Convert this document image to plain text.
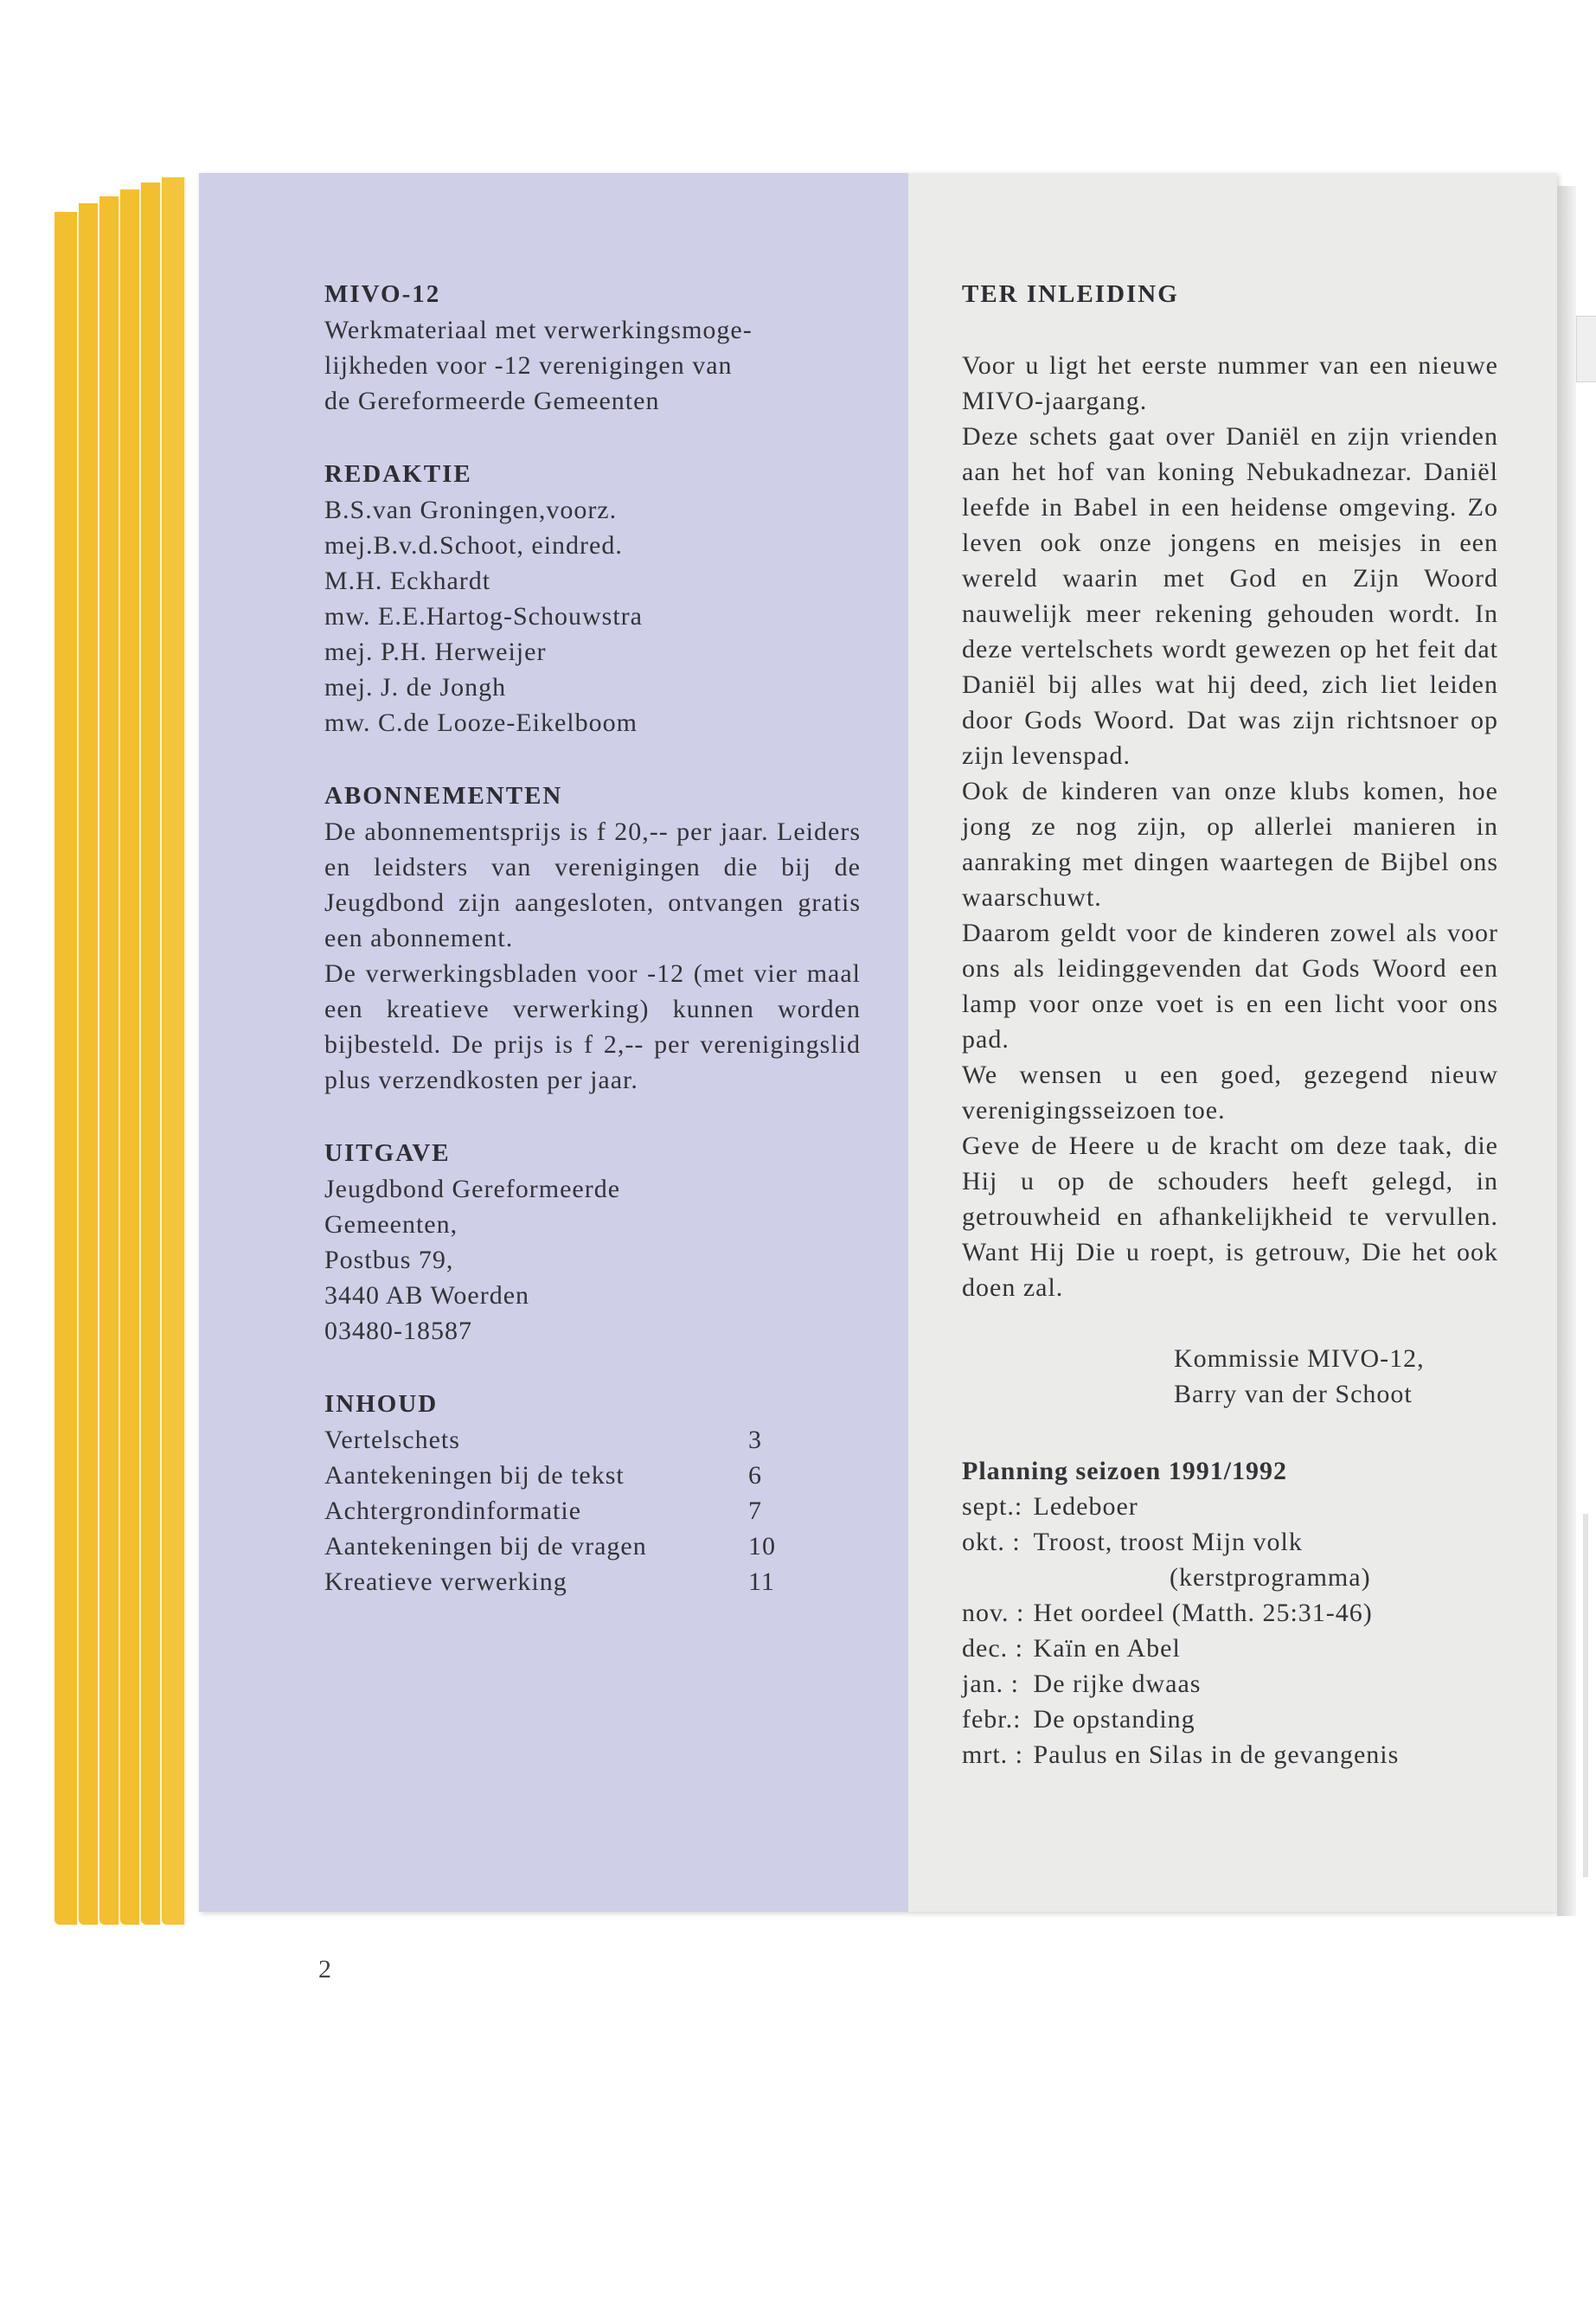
MIVO-12
Werkmateriaal met verwerkingsmoge-
lijkheden voor -12 verenigingen van
de Gereformeerde Gemeenten
REDAKTIE
B.S.van Groningen,voorz.
mej.B.v.d.Schoot, eindred.
M.H. Eckhardt
mw. E.E.Hartog-Schouwstra
mej. P.H. Herweijer
mej. J. de Jongh
mw. C.de Looze-Eikelboom
ABONNEMENTEN
De abonnementsprijs is f 20,-- per jaar. Leiders en leidsters van verenigingen die bij de Jeugdbond zijn aangesloten, ontvangen gratis een abonnement.
De verwerkingsbladen voor -12 (met vier maal een kreatieve verwerking) kunnen worden bijbesteld. De prijs is f 2,-- per verenigingslid plus verzendkosten per jaar.
UITGAVE
Jeugdbond Gereformeerde
Gemeenten,
Postbus 79,
3440 AB Woerden
03480-18587
INHOUD
Vertelschets	3
Aantekeningen bij de tekst	6
Achtergrondinformatie	7
Aantekeningen bij de vragen	10
Kreatieve verwerking	11
TER INLEIDING
Voor u ligt het eerste nummer van een nieuwe MIVO-jaargang.
Deze schets gaat over Daniël en zijn vrienden aan het hof van koning Nebukadnezar. Daniël leefde in Babel in een heidense omgeving. Zo leven ook onze jongens en meisjes in een wereld waarin met God en Zijn Woord nauwelijk meer rekening gehouden wordt. In deze vertelschets wordt gewezen op het feit dat Daniël bij alles wat hij deed, zich liet leiden door Gods Woord. Dat was zijn richtsnoer op zijn levenspad.
Ook de kinderen van onze klubs komen, hoe jong ze nog zijn, op allerlei manieren in aanraking met dingen waartegen de Bijbel ons waarschuwt.
Daarom geldt voor de kinderen zowel als voor ons als leidinggevenden dat Gods Woord een lamp voor onze voet is en een licht voor ons pad.
We wensen u een goed, gezegend nieuw verenigingsseizoen toe.
Geve de Heere u de kracht om deze taak, die Hij u op de schouders heeft gelegd, in getrouwheid en afhankelijkheid te vervullen. Want Hij Die u roept, is getrouw, Die het ook doen zal.
Kommissie MIVO-12,
Barry van der Schoot
Planning seizoen 1991/1992
sept.: Ledeboer
okt. : Troost, troost Mijn volk
(kerstprogramma)
nov. : Het oordeel (Matth. 25:31-46)
dec. : Kaïn en Abel
jan. : De rijke dwaas
febr.: De opstanding
mrt. : Paulus en Silas in de gevangenis
2
